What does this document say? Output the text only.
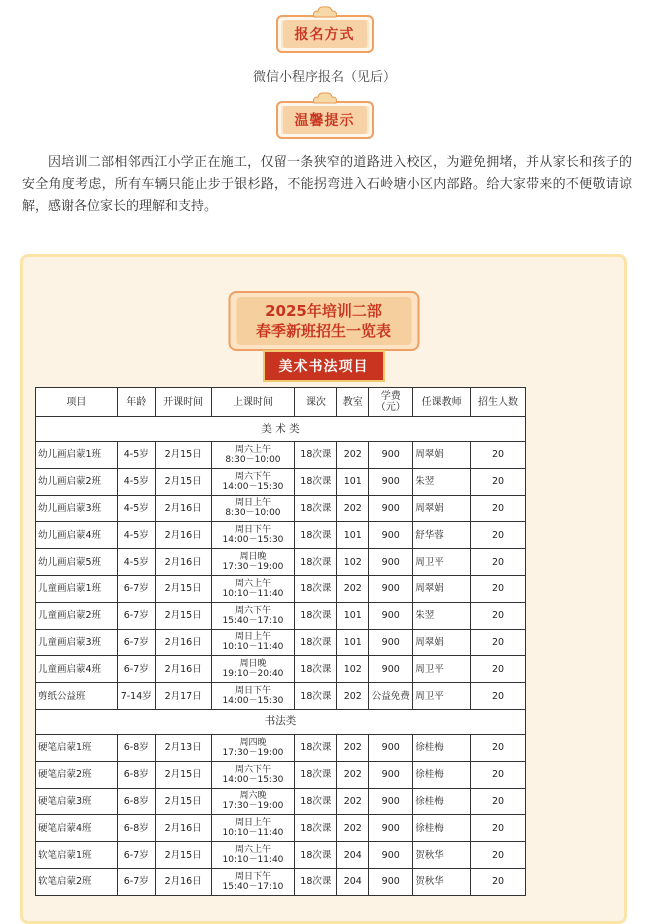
报名方式
微信小程序报名（见后）
温馨提示
因培训二部相邻西江小学正在施工，仅留一条狭窄的道路进入校区，为避免拥堵，并从家长和孩子的安全角度考虑，所有车辆只能止步于银杉路，不能拐弯进入石岭塘小区内部路。给大家带来的不便敬请谅解，感谢各位家长的理解和支持。
2025年培训二部
春季新班招生一览表
美术书法项目
项目	年龄	开课时间	上课时间	课次	教室	学费（元）	任课教师	招生人数
美 术 类								
幼儿画启蒙1班	4-5岁	2月15日	周六上午
8:30－10:00	18次课	202	900	周翠娟	20
幼儿画启蒙2班	4-5岁	2月15日	周六下午
14:00－15:30	18次课	101	900	朱翌	20
幼儿画启蒙3班	4-5岁	2月16日	周日上午
8:30－10:00	18次课	202	900	周翠娟	20
幼儿画启蒙4班	4-5岁	2月16日	周日下午
14:00－15:30	18次课	101	900	舒华蓉	20
幼儿画启蒙5班	4-5岁	2月16日	周日晚
17:30－19:00	18次课	102	900	周卫平	20
儿童画启蒙1班	6-7岁	2月15日	周六上午
10:10－11:40	18次课	202	900	周翠娟	20
儿童画启蒙2班	6-7岁	2月15日	周六下午
15:40－17:10	18次课	101	900	朱翌	20
儿童画启蒙3班	6-7岁	2月16日	周日上午
10:10－11:40	18次课	101	900	周翠娟	20
儿童画启蒙4班	6-7岁	2月16日	周日晚
19:10－20:40	18次课	102	900	周卫平	20
剪纸公益班	7-14岁	2月17日	周日下午
14:00－15:30	18次课	202	公益免费	周卫平	20
书法类								
硬笔启蒙1班	6-8岁	2月13日	周四晚
17:30－19:00	18次课	202	900	徐桂梅	20
硬笔启蒙2班	6-8岁	2月15日	周六下午
14:00－15:30	18次课	202	900	徐桂梅	20
硬笔启蒙3班	6-8岁	2月15日	周六晚
17:30－19:00	18次课	202	900	徐桂梅	20
硬笔启蒙4班	6-8岁	2月16日	周日上午
10:10－11:40	18次课	202	900	徐桂梅	20
软笔启蒙1班	6-7岁	2月15日	周六上午
10:10－11:40	18次课	204	900	贺秋华	20
软笔启蒙2班	6-7岁	2月16日	周日下午
15:40－17:10	18次课	204	900	贺秋华	20
